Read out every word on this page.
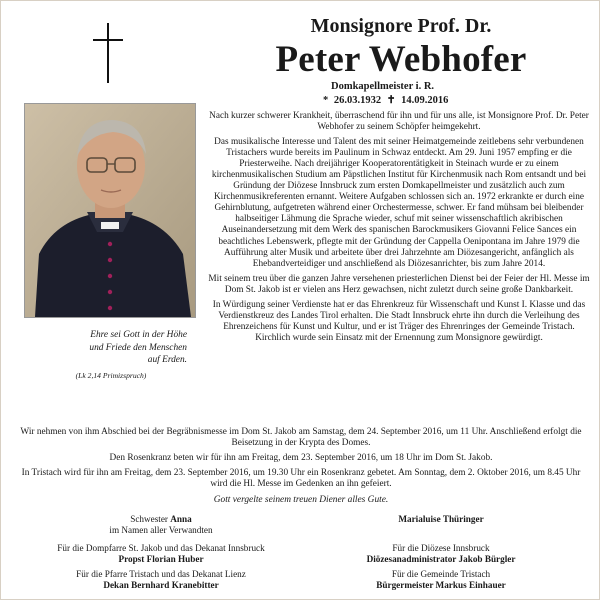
Monsignore Prof. Dr.
Peter Webhofer
Domkapellmeister i. R.
* 26.03.1932 ✝ 14.09.2016
Ehre sei Gott in der Höhe
und Friede den Menschen
auf Erden.
(Lk 2,14 Primizspruch)

Nach kurzer schwerer Krankheit, überraschend für ihn und für uns alle, ist Monsignore Prof. Dr. Peter Webhofer zu seinem Schöpfer heimgekehrt.

Das musikalische Interesse und Talent des mit seiner Heimatgemeinde zeitlebens sehr verbundenen Tristachers wurde bereits im Paulinum in Schwaz entdeckt. Am 29. Juni 1957 empfing er die Priesterweihe. Nach dreijähriger Kooperatorentätigkeit in Steinach wurde er zu einem kirchenmusikalischen Studium am Päpstlichen Institut für Kirchenmusik nach Rom entsandt und bei Gründung der Diözese Innsbruck zum ersten Domkapellmeister und zusätzlich auch zum Kirchenmusikreferenten ernannt. Weitere Aufgaben schlossen sich an. 1972 erkrankte er durch eine Gehirnblutung, aufgetreten während einer Orchestermesse, schwer. Er fand mühsam bei bleibender halbseitiger Lähmung die Sprache wieder, schuf mit seiner wissenschaftlich akribischen Auseinandersetzung mit dem Werk des spanischen Barockmusikers Giovanni Felice Sances ein beachtliches Lebenswerk, pflegte mit der Gründung der Cappella Oenipontana im Jahre 1979 die Aufführung alter Musik und arbeitete über drei Jahrzehnte am Diözesangericht, anfänglich als Ehebandverteidiger und anschließend als Diözesanrichter, bis zum Jahre 2014.

Mit seinem treu über die ganzen Jahre versehenen priesterlichen Dienst bei der Feier der Hl. Messe im Dom St. Jakob ist er vielen ans Herz gewachsen, nicht zuletzt durch seine große Dankbarkeit.

In Würdigung seiner Verdienste hat er das Ehrenkreuz für Wissenschaft und Kunst I. Klasse und das Verdienstkreuz des Landes Tirol erhalten. Die Stadt Innsbruck ehrte ihn durch die Verleihung des Ehrenzeichens für Kunst und Kultur, und er ist Träger des Ehrenringes der Gemeinde Tristach.

Kirchlich wurde sein Einsatz mit der Ernennung zum Monsignore gewürdigt.

Wir nehmen von ihm Abschied bei der Begräbnismesse im Dom St. Jakob am Samstag, dem 24. September 2016, um 11 Uhr. Anschließend erfolgt die Beisetzung in der Krypta des Domes.

Den Rosenkranz beten wir für ihn am Freitag, dem 23. September 2016, um 18 Uhr im Dom St. Jakob.

In Tristach wird für ihn am Freitag, dem 23. September 2016, um 19.30 Uhr ein Rosenkranz gebetet. Am Sonntag, dem 2. Oktober 2016, um 8.45 Uhr wird die Hl. Messe im Gedenken an ihn gefeiert.

Gott vergelte seinem treuen Diener alles Gute.
Schwester Anna
im Namen aller Verwandten
Marialuise Thüringer
Für die Dompfarre St. Jakob und das Dekanat Innsbruck
Propst Florian Huber
Für die Diözese Innsbruck
Diözesanadministrator Jakob Bürgler
Für die Pfarre Tristach und das Dekanat Lienz
Dekan Bernhard Kranebitter
Für die Gemeinde Tristach
Bürgermeister Markus Einhauer
